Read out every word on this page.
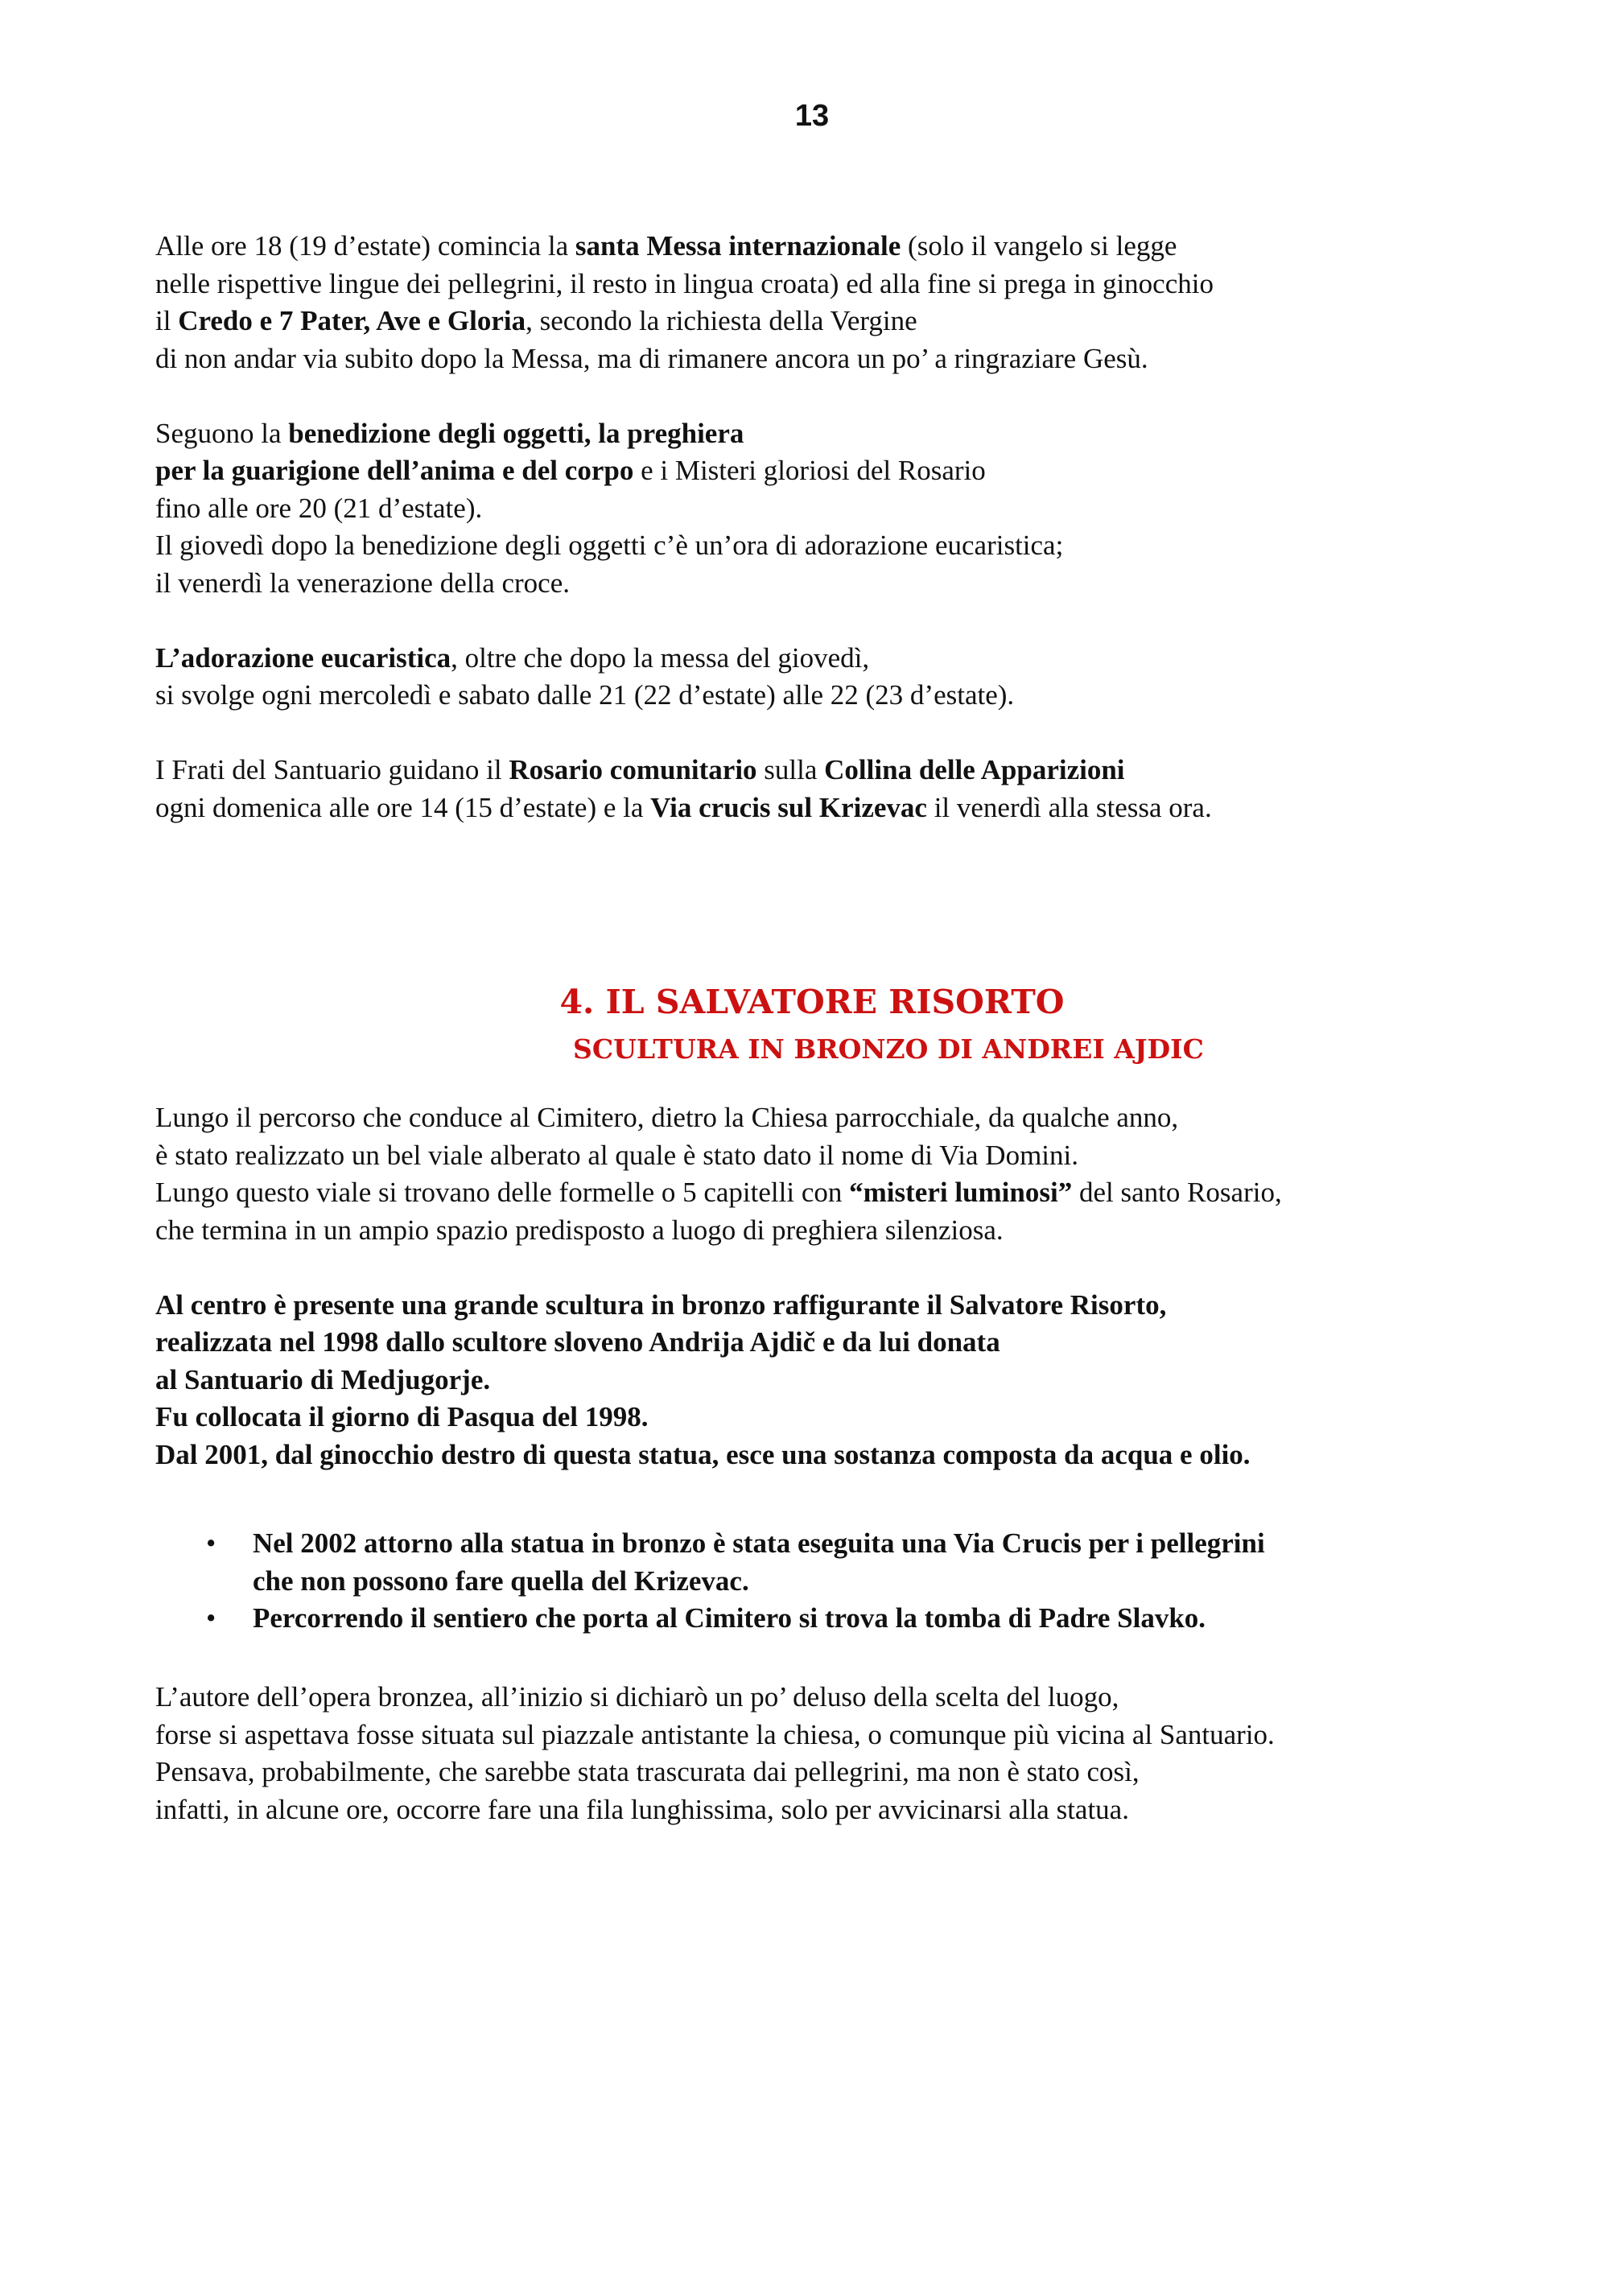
13

Alle ore 18 (19 d’estate) comincia la santa Messa internazionale (solo il vangelo si legge
nelle rispettive lingue dei pellegrini, il resto in lingua croata) ed alla fine si prega in ginocchio
il Credo e 7 Pater, Ave e Gloria, secondo la richiesta della Vergine
di non andar via subito dopo la Messa, ma di rimanere ancora un po’ a ringraziare Gesù.

Seguono la benedizione degli oggetti, la preghiera
per la guarigione dell’anima e del corpo e i Misteri gloriosi del Rosario
fino alle ore 20 (21 d’estate).
Il giovedì dopo la benedizione degli oggetti c’è un’ora di adorazione eucaristica;
il venerdì la venerazione della croce.

L’adorazione eucaristica, oltre che dopo la messa del giovedì,
si svolge ogni mercoledì e sabato dalle 21 (22 d’estate) alle 22 (23 d’estate).

I Frati del Santuario guidano il Rosario comunitario sulla Collina delle Apparizioni
ogni domenica alle ore 14 (15 d’estate) e la Via crucis sul Krizevac il venerdì alla stessa ora.

4. IL SALVATORE RISORTO
SCULTURA IN BRONZO DI ANDREI AJDIC

Lungo il percorso che conduce al Cimitero, dietro la Chiesa parrocchiale, da qualche anno,
è stato realizzato un bel viale alberato al quale è stato dato il nome di Via Domini.
Lungo questo viale si trovano delle formelle o 5 capitelli con “misteri luminosi” del santo Rosario,
che termina in un ampio spazio predisposto a luogo di preghiera silenziosa.

Al centro è presente una grande scultura in bronzo raffigurante il Salvatore Risorto,
realizzata nel 1998 dallo scultore sloveno Andrija Ajdič e da lui donata
al Santuario di Medjugorje.
Fu collocata il giorno di Pasqua del 1998.
Dal 2001, dal ginocchio destro di questa statua, esce una sostanza composta da acqua e olio.

• Nel 2002 attorno alla statua in bronzo è stata eseguita una Via Crucis per i pellegrini
che non possono fare quella del Krizevac.
• Percorrendo il sentiero che porta al Cimitero si trova la tomba di Padre Slavko.

L’autore dell’opera bronzea, all’inizio si dichiarò un po’ deluso della scelta del luogo,
forse si aspettava fosse situata sul piazzale antistante la chiesa, o comunque più vicina al Santuario.
Pensava, probabilmente, che sarebbe stata trascurata dai pellegrini, ma non è stato così,
infatti, in alcune ore, occorre fare una fila lunghissima, solo per avvicinarsi alla statua.
